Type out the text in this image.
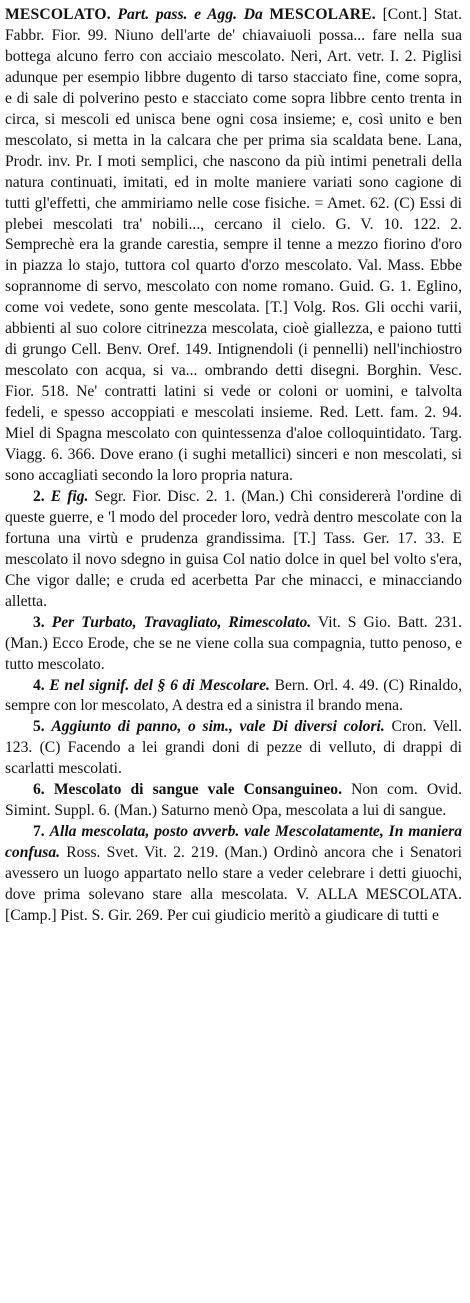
MESCOLATO. Part. pass. e Agg. Da MESCOLARE. [Cont.] Stat. Fabbr. Fior. 99. Niuno dell'arte de' chiavaiuoli possa... fare nella sua bottega alcuno ferro con acciaio mescolato. Neri, Art. vetr. I. 2. Piglisi adunque per esempio libbre dugento di tarso stacciato fine, come sopra, e di sale di polverino pesto e stacciato come sopra libbre cento trenta in circa, si mescoli ed unisca bene ogni cosa insieme; e, così unito e ben mescolato, si metta in la calcara che per prima sia scaldata bene. Lana, Prodr. inv. Pr. I moti semplici, che nascono da più intimi penetrali della natura continuati, imitati, ed in molte maniere variati sono cagione di tutti gl'effetti, che ammiriamo nelle cose fisiche. = Amet. 62. (C) Essi di plebei mescolati tra' nobili..., cercano il cielo. G. V. 10. 122. 2. Semprechè era la grande carestia, sempre il tenne a mezzo fiorino d'oro in piazza lo stajo, tuttora col quarto d'orzo mescolato. Val. Mass. Ebbe soprannome di servo, mescolato con nome romano. Guid. G. 1. Eglino, come voi vedete, sono gente mescolata. [T.] Volg. Ros. Gli occhi varii, abbienti al suo colore citrinezza mescolata, cioè giallezza, e paiono tutti di grungo Cell. Benv. Oref. 149. Intignendoli (i pennelli) nell'inchiostro mescolato con acqua, si va... ombrando detti disegni. Borghin. Vesc. Fior. 518. Ne' contratti latini si vede or coloni or uomini, e talvolta fedeli, e spesso accoppiati e mescolati insieme. Red. Lett. fam. 2. 94. Miel di Spagna mescolato con quintessenza d'aloe colloquintidato. Targ. Viagg. 6. 366. Dove erano (i sughi metallici) sinceri e non mescolati, si sono accagliati secondo la loro propria natura.

2. E fig. Segr. Fior. Disc. 2. 1. (Man.) Chi considererà l'ordine di queste guerre, e 'l modo del proceder loro, vedrà dentro mescolate con la fortuna una virtù e prudenza grandissima. [T.] Tass. Ger. 17. 33. E mescolato il novo sdegno in guisa Col natio dolce in quel bel volto s'era, Che vigor dalle; e cruda ed acerbetta Par che minacci, e minacciando alletta.

3. Per Turbato, Travagliato, Rimescolato. Vit. S Gio. Batt. 231. (Man.) Ecco Erode, che se ne viene colla sua compagnia, tutto penoso, e tutto mescolato.

4. E nel signif. del § 6 di Mescolare. Bern. Orl. 4. 49. (C) Rinaldo, sempre con lor mescolato, A destra ed a sinistra il brando mena.

5. Aggiunto di panno, o sim., vale Di diversi colori. Cron. Vell. 123. (C) Facendo a lei grandi doni di pezze di velluto, di drappi di scarlatti mescolati.

6. Mescolato di sangue vale Consanguineo. Non com. Ovid. Simint. Suppl. 6. (Man.) Saturno menò Opa, mescolata a lui di sangue.

7. Alla mescolata, posto avverb. vale Mescolatamente, In maniera confusa. Ross. Svet. Vit. 2. 219. (Man.) Ordinò ancora che i Senatori avessero un luogo appartato nello stare a veder celebrare i detti giuochi, dove prima solevano stare alla mescolata. V. ALLA MESCOLATA. [Camp.] Pist. S. Gir. 269. Per cui giudicio meritò a giudicare di tutti e
